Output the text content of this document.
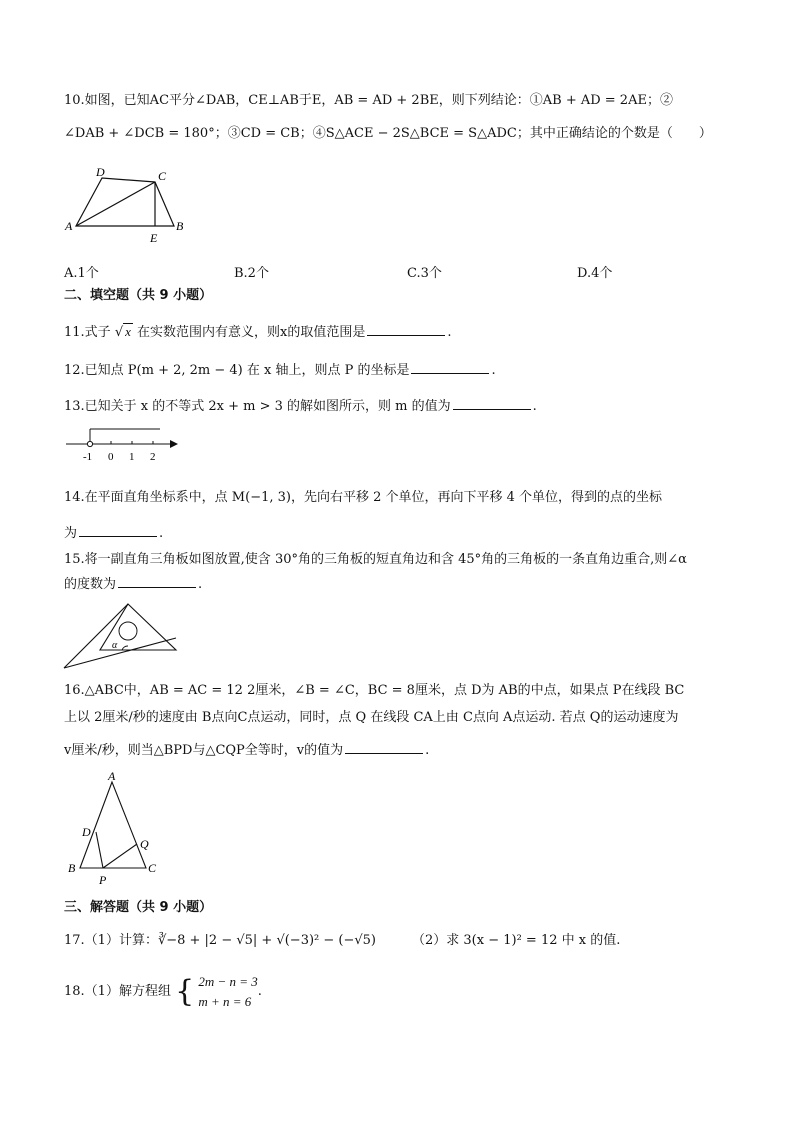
10.如图，已知AC平分∠DAB，CE⊥AB于E，AB = AD + 2BE，则下列结论：①AB + AD = 2AE；②
∠DAB + ∠DCB = 180°；③CD = CB；④S△ACE − 2S△BCE = S△ADC；其中正确结论的个数是（　　）
D	C
A
E
B
A.1个	B.2个	C.3个	D.4个
二、填空题（共 9 小题）
11.式子 √ x 在实数范围内有意义，则x的取值范围是	.
12.已知点 P(m + 2, 2m − 4) 在 x 轴上，则点 P 的坐标是	.
13.已知关于 x 的不等式 2x + m > 3 的解如图所示，则 m 的值为	.
-1 0 1 2
14.在平面直角坐标系中，点 M(−1, 3)，先向右平移 2 个单位，再向下平移 4 个单位，得到的点的坐标
为	.
15.将一副直角三角板如图放置,使含 30°角的三角板的短直角边和含 45°角的三角板的一条直角边重合,则∠α
的度数为	.
α
16.△ABC中，AB = AC = 12 2厘米，∠B = ∠C，BC = 8厘米，点 D为 AB的中点，如果点 P在线段 BC
上以 2厘米/秒的速度由 B点向C点运动，同时，点 Q 在线段 CA上由 C点向 A点运动. 若点 Q的运动速度为
v厘米/秒，则当△BPD与△CQP全等时，v的值为	.
A
D
Q
B
P
C
三、解答题（共 9 小题）
17.（1）计算：∛−8 + |2 − √5| + √(−3)² − (−√5)	（2）求 3(x − 1)² = 12 中 x 的值.
18.（1）解方程组 { 2m − n = 3
m + n = 6
.
